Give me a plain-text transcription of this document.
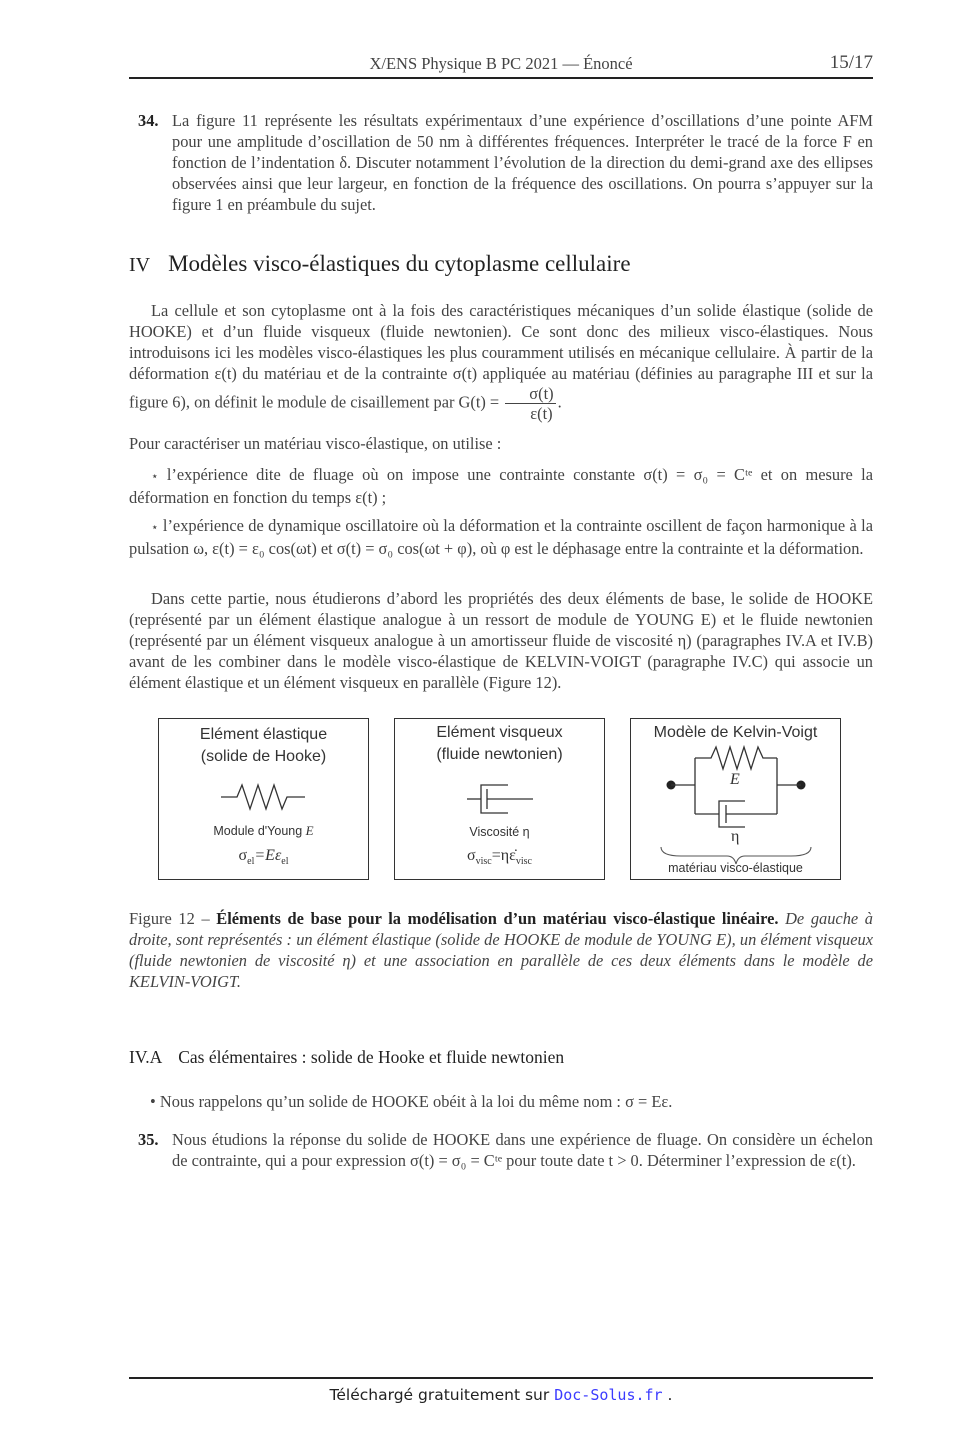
X/ENS Physique B PC 2021 — Énoncé	15/17
34. La figure 11 représente les résultats expérimentaux d’une expérience d’oscillations d’une pointe AFM pour une amplitude d’oscillation de 50 nm à différentes fréquences. Interpréter le tracé de la force F en fonction de l’indentation δ. Discuter notamment l’évolution de la direction du demi-grand axe des ellipses observées ainsi que leur largeur, en fonction de la fréquence des oscillations. On pourra s’appuyer sur la figure 1 en préambule du sujet.
IV Modèles visco-élastiques du cytoplasme cellulaire

La cellule et son cytoplasme ont à la fois des caractéristiques mécaniques d’un solide élastique (solide de HOOKE) et d’un fluide visqueux (fluide newtonien). Ce sont donc des milieux visco-élastiques. Nous introduisons ici les modèles visco-élastiques les plus couramment utilisés en mécanique cellulaire. À partir de la déformation ε(t) du matériau et de la contrainte σ(t) appliquée au matériau (définies au paragraphe III et sur la figure 6), on définit le module de cisaillement par $G(t) = \frac{\sigma(t)}{\varepsilon(t)}$ .

Pour caractériser un matériau visco-élastique, on utilise :

⋆ l’expérience dite de fluage où on impose une contrainte constante σ(t) = σ₀ = Cᵗᵉ et on mesure la déformation en fonction du temps ε(t) ;

⋆ l’expérience de dynamique oscillatoire où la déformation et la contrainte oscillent de façon harmonique à la pulsation ω, ε(t) = ε₀ cos(ωt) et σ(t) = σ₀ cos(ωt + φ), où φ est le déphasage entre la contrainte et la déformation.

Dans cette partie, nous étudierons d’abord les propriétés des deux éléments de base, le solide de HOOKE (représenté par un élément élastique analogue à un ressort de module de YOUNG E) et le fluide newtonien (représenté par un élément visqueux analogue à un amortisseur fluide de viscosité η) (paragraphes IV.A et IV.B) avant de les combiner dans le modèle visco-élastique de KELVIN-VOIGT (paragraphe IV.C) qui associe un élément élastique et un élément visqueux en parallèle (Figure 12).

Elément élastique
(solide de Hooke)
Module d'Young E
$\sigma_{el}=E\varepsilon_{el}$
Elément visqueux
(fluide newtonien)
Viscosité η
$\sigma_{visc}=\eta\varepsiloṅ_{visc}$
Modèle de Kelvin-Voigt
E
η
matériau visco-élastique
Figure 12 – Éléments de base pour la modélisation d’un matériau visco-élastique linéaire. De gauche à droite, sont représentés : un élément élastique (solide de HOOKE de module de YOUNG E), un élément visqueux (fluide newtonien de viscosité η) et une association en parallèle de ces deux éléments dans le modèle de KELVIN-VOIGT.
IV.A Cas élémentaires : solide de Hooke et fluide newtonien
• Nous rappelons qu’un solide de HOOKE obéit à la loi du même nom : σ = Eε.
35. Nous étudions la réponse du solide de HOOKE dans une expérience de fluage. On considère un échelon de contrainte, qui a pour expression σ(t) = σ₀ = Cᵗᵉ pour toute date t > 0. Déterminer l’expression de ε(t).
Téléchargé gratuitement sur Doc-Solus.fr .
